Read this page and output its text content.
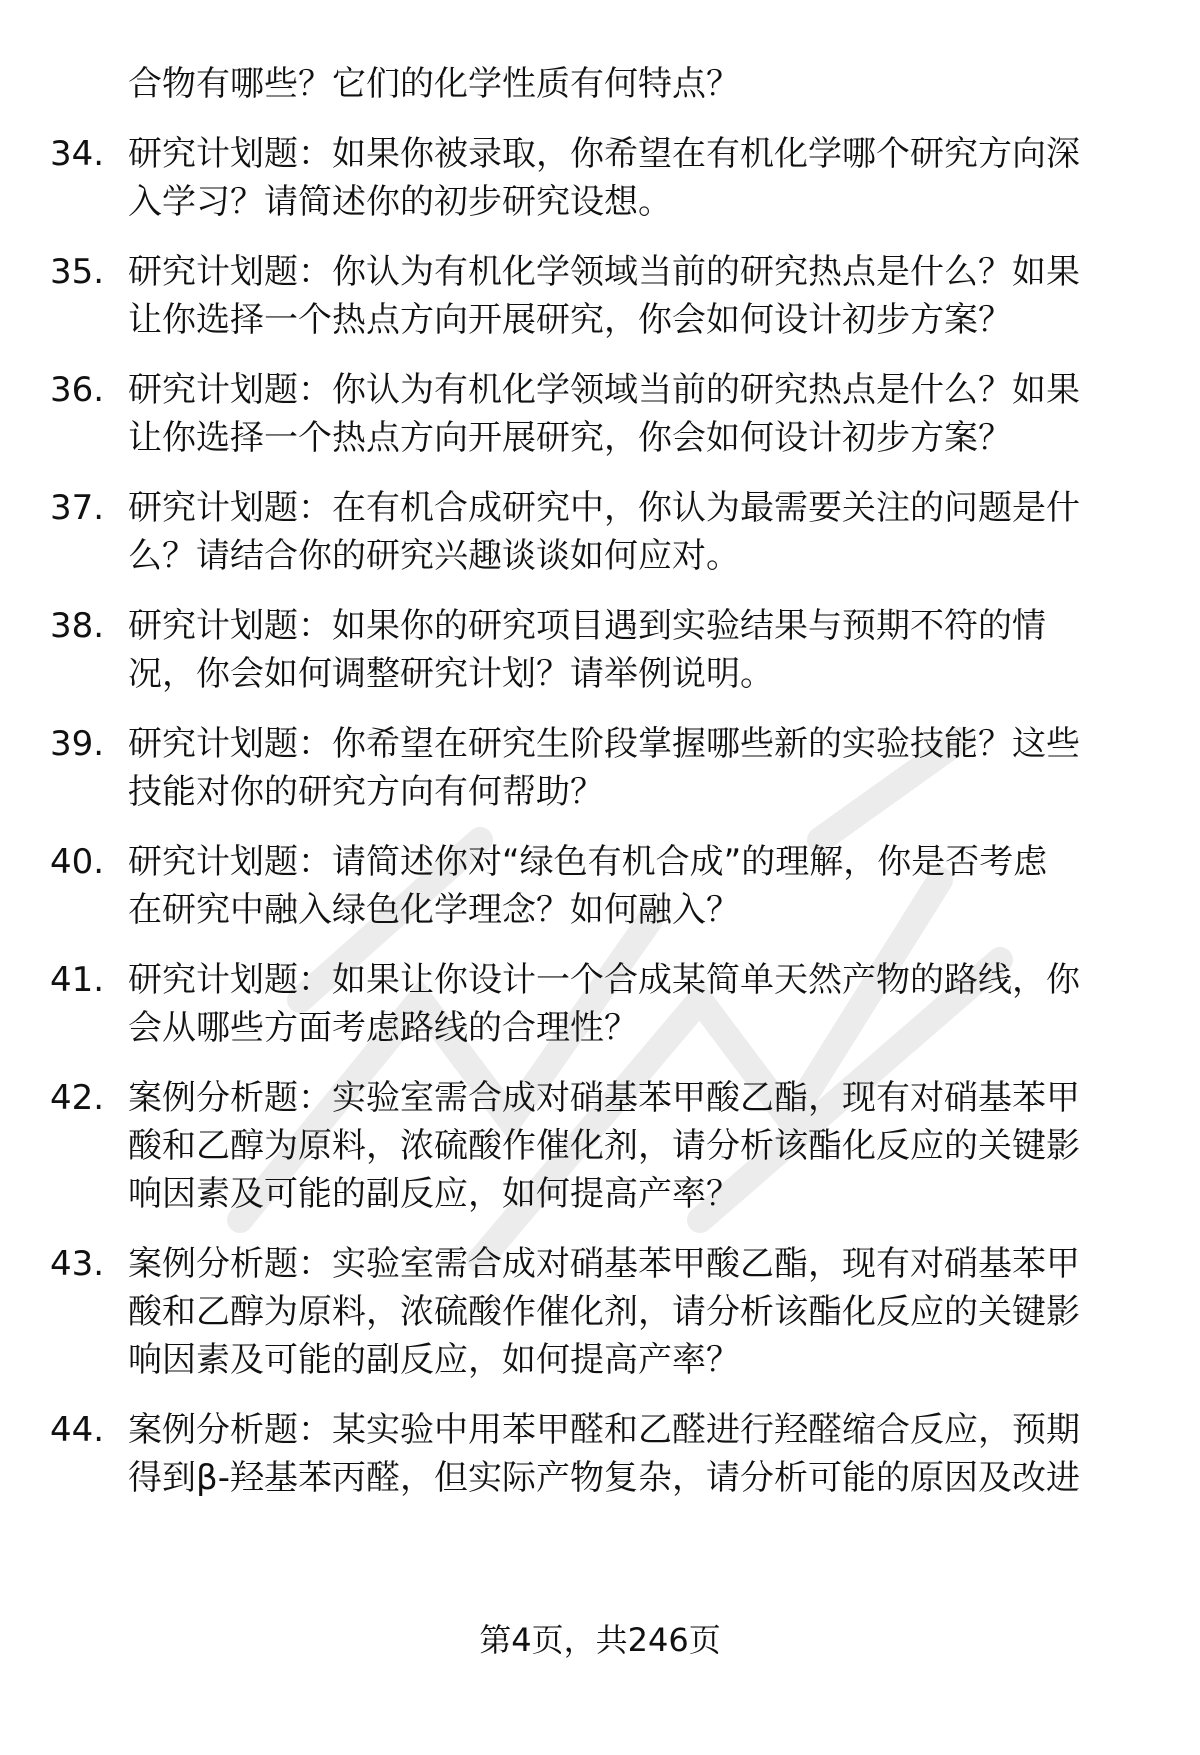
合物有哪些？它们的化学性质有何特点？
34. 研究计划题：如果你被录取，你希望在有机化学哪个研究方向深
入学习？请简述你的初步研究设想。
35. 研究计划题：你认为有机化学领域当前的研究热点是什么？如果
让你选择一个热点方向开展研究，你会如何设计初步方案？
36. 研究计划题：你认为有机化学领域当前的研究热点是什么？如果
让你选择一个热点方向开展研究，你会如何设计初步方案？
37. 研究计划题：在有机合成研究中，你认为最需要关注的问题是什
么？请结合你的研究兴趣谈谈如何应对。
38. 研究计划题：如果你的研究项目遇到实验结果与预期不符的情
况，你会如何调整研究计划？请举例说明。
39. 研究计划题：你希望在研究生阶段掌握哪些新的实验技能？这些
技能对你的研究方向有何帮助？
40. 研究计划题：请简述你对“绿色有机合成”的理解，你是否考虑
在研究中融入绿色化学理念？如何融入？
41. 研究计划题：如果让你设计一个合成某简单天然产物的路线，你
会从哪些方面考虑路线的合理性？
42. 案例分析题：实验室需合成对硝基苯甲酸乙酯，现有对硝基苯甲
酸和乙醇为原料，浓硫酸作催化剂，请分析该酯化反应的关键影
响因素及可能的副反应，如何提高产率？
43. 案例分析题：实验室需合成对硝基苯甲酸乙酯，现有对硝基苯甲
酸和乙醇为原料，浓硫酸作催化剂，请分析该酯化反应的关键影
响因素及可能的副反应，如何提高产率？
44. 案例分析题：某实验中用苯甲醛和乙醛进行羟醛缩合反应，预期
得到β-羟基苯丙醛，但实际产物复杂，请分析可能的原因及改进
第4页，共246页
